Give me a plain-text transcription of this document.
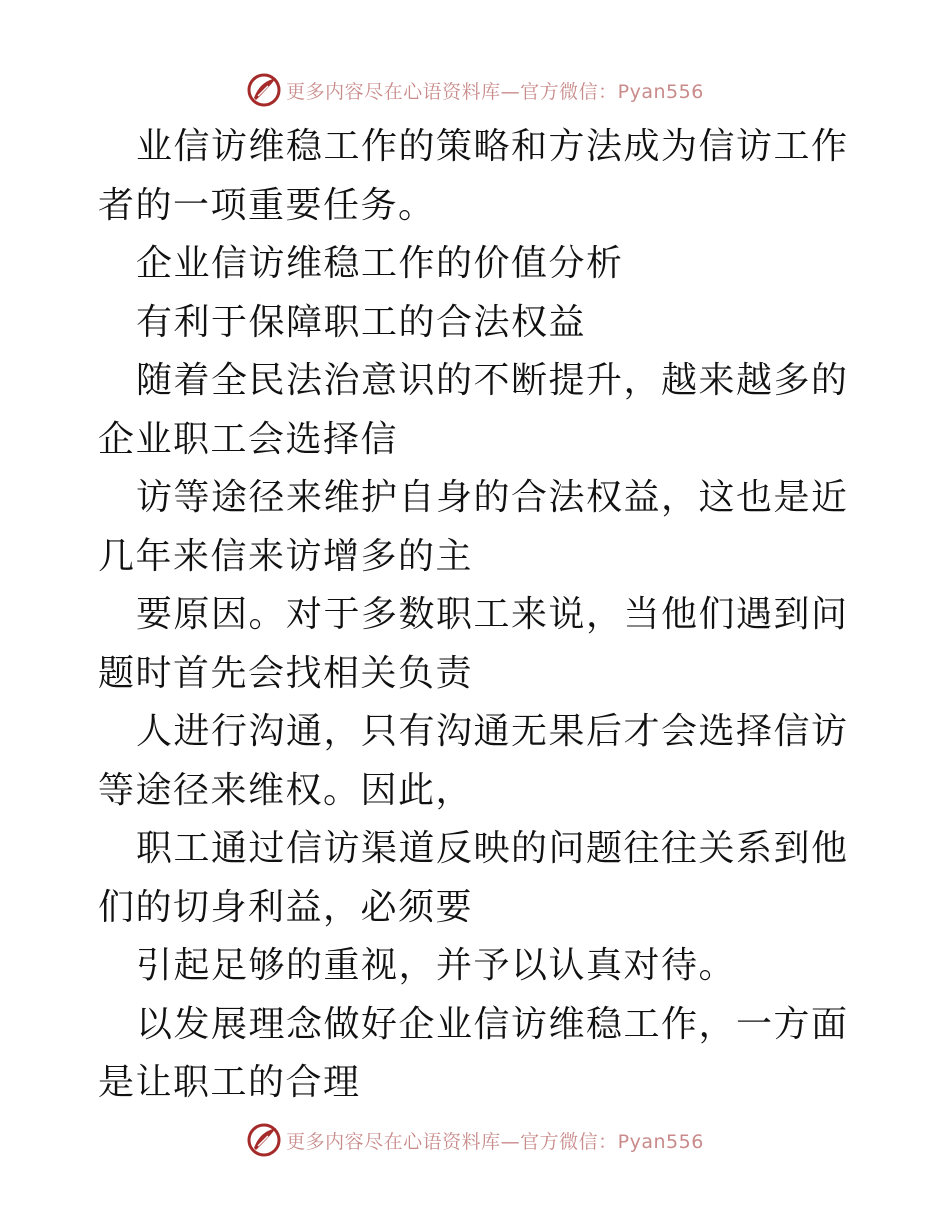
更多内容尽在心语资料库—官方微信：Pyan556

业信访维稳工作的策略和方法成为信访工作者的一项重要任务。

企业信访维稳工作的价值分析

有利于保障职工的合法权益

随着全民法治意识的不断提升，越来越多的企业职工会选择信

访等途径来维护自身的合法权益，这也是近几年来信来访增多的主

要原因。对于多数职工来说，当他们遇到问题时首先会找相关负责

人进行沟通，只有沟通无果后才会选择信访等途径来维权。因此，

职工通过信访渠道反映的问题往往关系到他们的切身利益，必须要

引起足够的重视，并予以认真对待。

以发展理念做好企业信访维稳工作，一方面是让职工的合理

更多内容尽在心语资料库—官方微信：Pyan556
